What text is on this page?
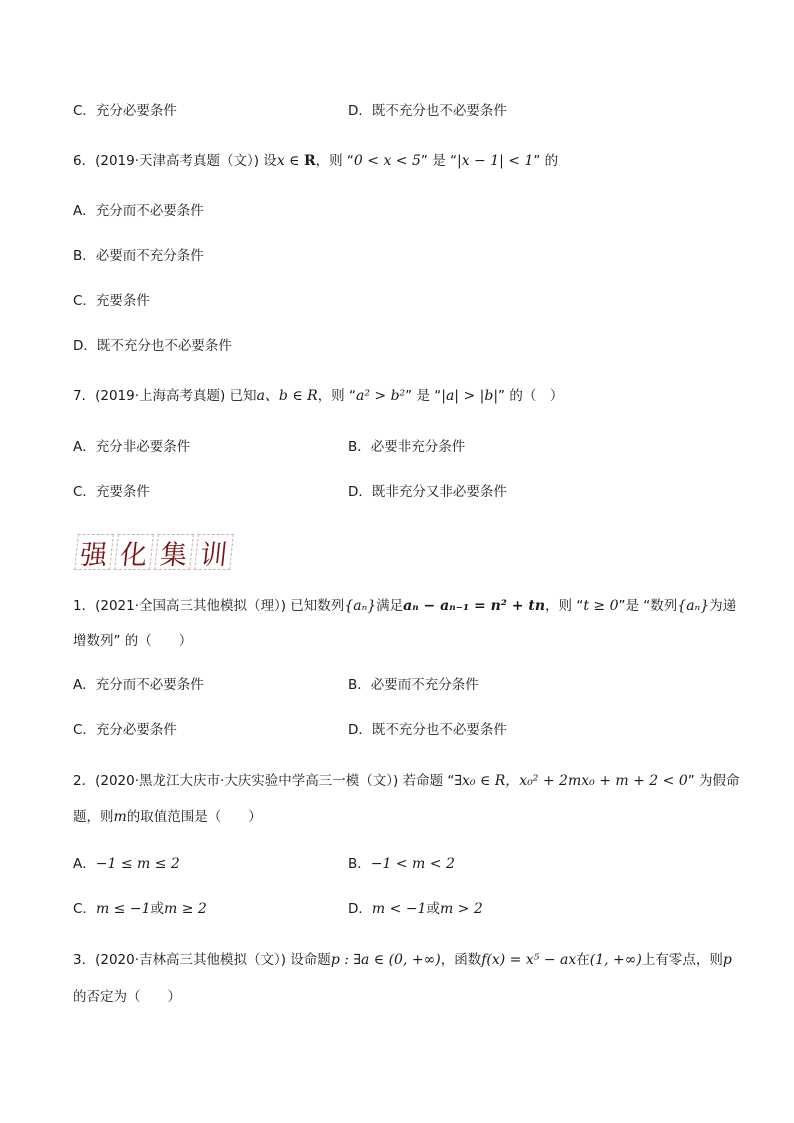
C．充分必要条件	D．既不充分也不必要条件
6．(2019·天津高考真题（文）) 设x ∈ R，则 “0 < x < 5” 是 “|x − 1| < 1” 的
A．充分而不必要条件
B．必要而不充分条件
C．充要条件
D．既不充分也不必要条件
7．(2019·上海高考真题) 已知a、b ∈ R，则 “a² > b²” 是 “|a| > |b|” 的（　）
A．充分非必要条件	B．必要非充分条件
C．充要条件	D．既非充分又非必要条件
强 化 集 训
1．(2021·全国高三其他模拟（理）) 已知数列{aₙ}满足aₙ − aₙ₋₁ = n² + tn，则 “t ≥ 0”是 “数列{aₙ}为递
增数列” 的（　　）
A．充分而不必要条件	B．必要而不充分条件
C．充分必要条件	D．既不充分也不必要条件
2．(2020·黑龙江大庆市·大庆实验中学高三一模（文）) 若命题 “∃x₀ ∈ R，x₀² + 2mx₀ + m + 2 < 0” 为假命
题，则m的取值范围是（　　）
A．−1 ≤ m ≤ 2	B．−1 < m < 2
C．m ≤ −1或m ≥ 2	D．m < −1或m > 2
3．(2020·吉林高三其他模拟（文）) 设命题p : ∃a ∈ (0, +∞)，函数f(x) = x⁵ − ax在(1, +∞)上有零点，则p
的否定为（　　）
